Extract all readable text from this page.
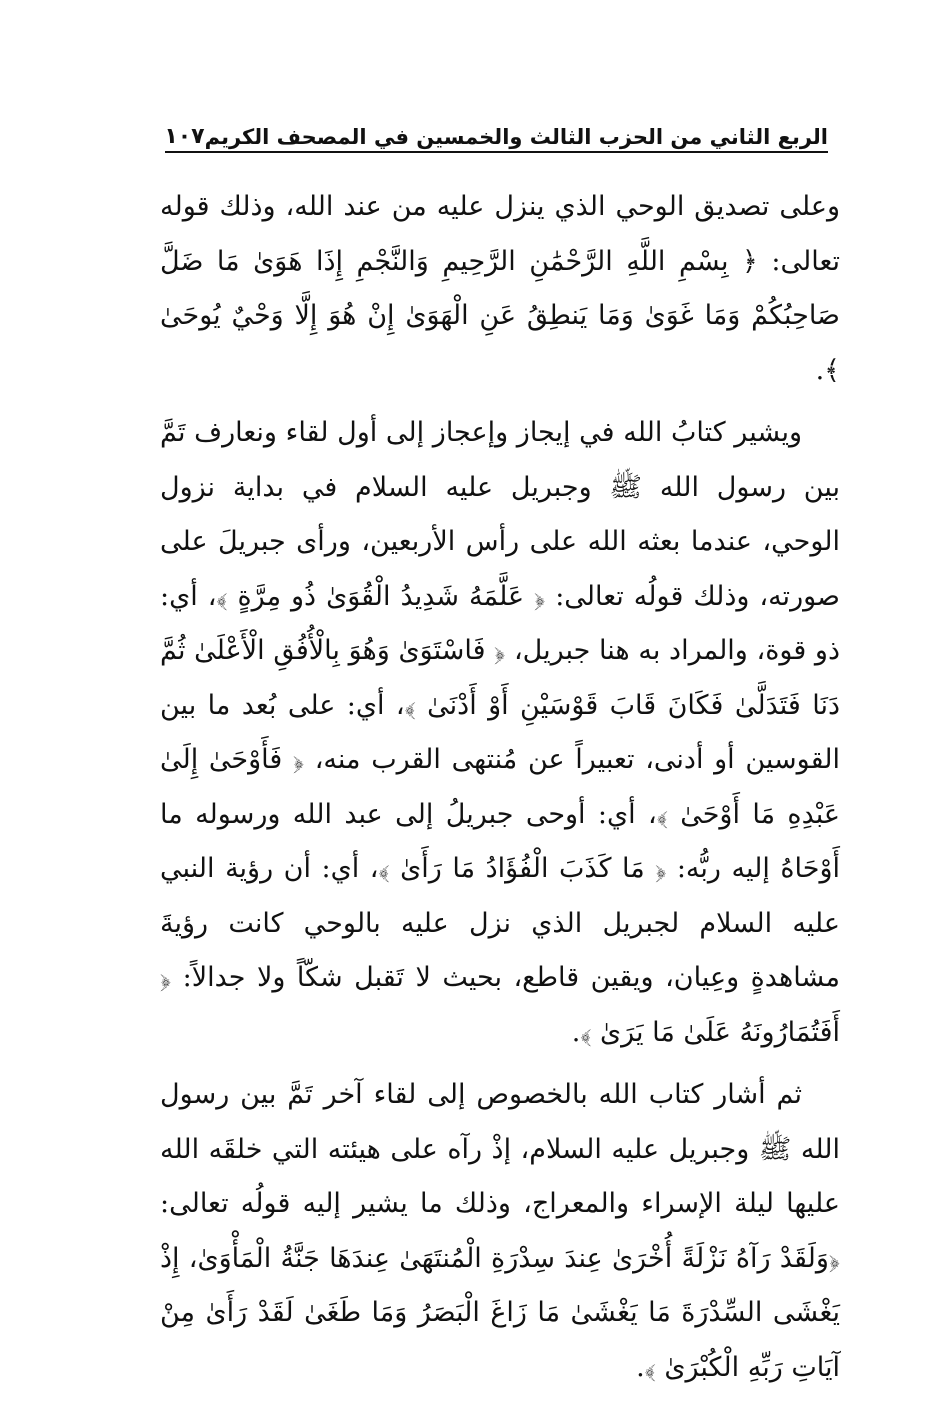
الربع الثاني من الحزب الثالث والخمسين في المصحف الكريم
١٠٧

وعلى تصديق الوحي الذي ينزل عليه من عند الله، وذلك قوله تعالى: ﴿ بِسْمِ اللَّهِ الرَّحْمَٰنِ الرَّحِيمِ وَالنَّجْمِ إِذَا هَوَىٰ مَا ضَلَّ صَاحِبُكُمْ وَمَا غَوَىٰ وَمَا يَنطِقُ عَنِ الْهَوَىٰ إِنْ هُوَ إِلَّا وَحْيٌ يُوحَىٰ ﴾.

ويشير كتابُ الله في إيجاز وإعجاز إلى أول لقاء ونعارف تَمَّ بين رسول الله ﷺ وجبريل عليه السلام في بداية نزول الوحي، عندما بعثه الله على رأس الأربعين، ورأى جبريلَ على صورته، وذلك قولُه تعالى: ﴿ عَلَّمَهُ شَدِيدُ الْقُوَىٰ ذُو مِرَّةٍ ﴾، أي: ذو قوة، والمراد به هنا جبريل، ﴿ فَاسْتَوَىٰ وَهُوَ بِالْأُفُقِ الْأَعْلَىٰ ثُمَّ دَنَا فَتَدَلَّىٰ فَكَانَ قَابَ قَوْسَيْنِ أَوْ أَدْنَىٰ ﴾، أي: على بُعد ما بين القوسين أو أدنى، تعبيراً عن مُنتهى القرب منه، ﴿ فَأَوْحَىٰ إِلَىٰ عَبْدِهِ مَا أَوْحَىٰ ﴾، أي: أوحى جبريلُ إلى عبد الله ورسوله ما أَوْحَاهُ إليه ربُّه: ﴿ مَا كَذَبَ الْفُؤَادُ مَا رَأَىٰ ﴾، أي: أن رؤية النبي عليه السلام لجبريل الذي نزل عليه بالوحي كانت رؤيةَ مشاهدةٍ وعِيان، ويقين قاطع، بحيث لا تَقبل شكّاً ولا جدالاً: ﴿ أَفَتُمَارُونَهُ عَلَىٰ مَا يَرَىٰ ﴾.

ثم أشار كتاب الله بالخصوص إلى لقاء آخر تَمَّ بين رسول الله ﷺ وجبريل عليه السلام، إذْ رآه على هيئته التي خلقَه الله عليها ليلة الإسراء والمعراج، وذلك ما يشير إليه قولُه تعالى: ﴿وَلَقَدْ رَآهُ نَزْلَةً أُخْرَىٰ عِندَ سِدْرَةِ الْمُنتَهَىٰ عِندَهَا جَنَّةُ الْمَأْوَىٰ، إِذْ يَغْشَى السِّدْرَةَ مَا يَغْشَىٰ مَا زَاغَ الْبَصَرُ وَمَا طَغَىٰ لَقَدْ رَأَىٰ مِنْ آيَاتِ رَبِّهِ الْكُبْرَىٰ ﴾.
